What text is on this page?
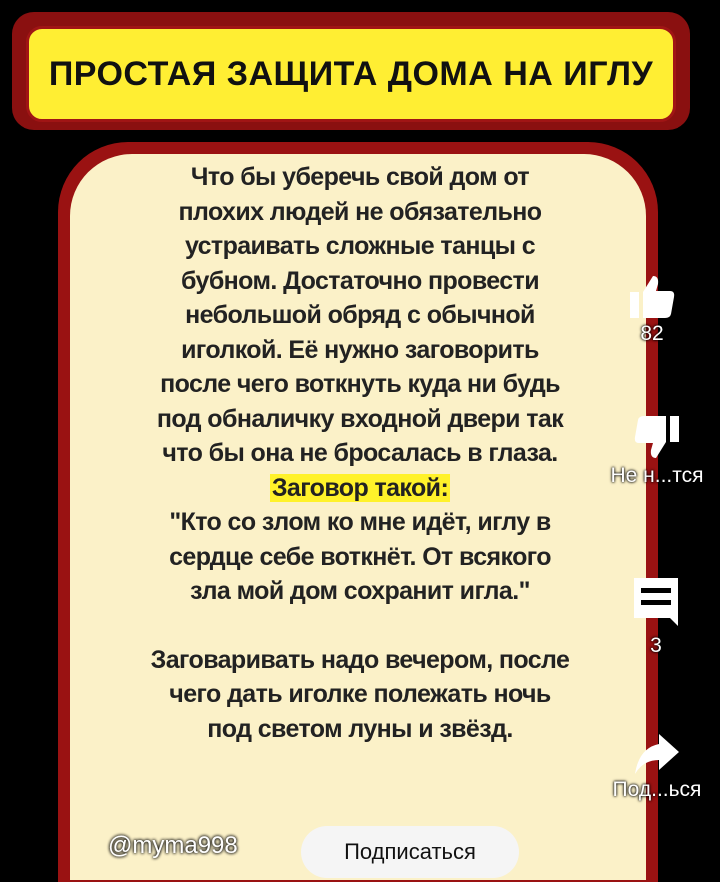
ПРОСТАЯ ЗАЩИТА ДОМА НА ИГЛУ

Что бы уберечь свой дом от

плохих людей не обязательно

устраивать сложные танцы с

бубном. Достаточно провести

небольшой обряд с обычной

иголкой. Её нужно заговорить

после чего воткнуть куда ни будь

под обналичку входной двери так

что бы она не бросалась в глаза.

Заговор такой:

"Кто со злом ко мне идёт, иглу в

сердце себе воткнёт. От всякого

зла мой дом сохранит игла."

Заговаривать надо вечером, после

чего дать иголке полежать ночь

под светом луны и звёзд.

82
Не н...тся
3
Под...ься
@myma998	Подписаться
